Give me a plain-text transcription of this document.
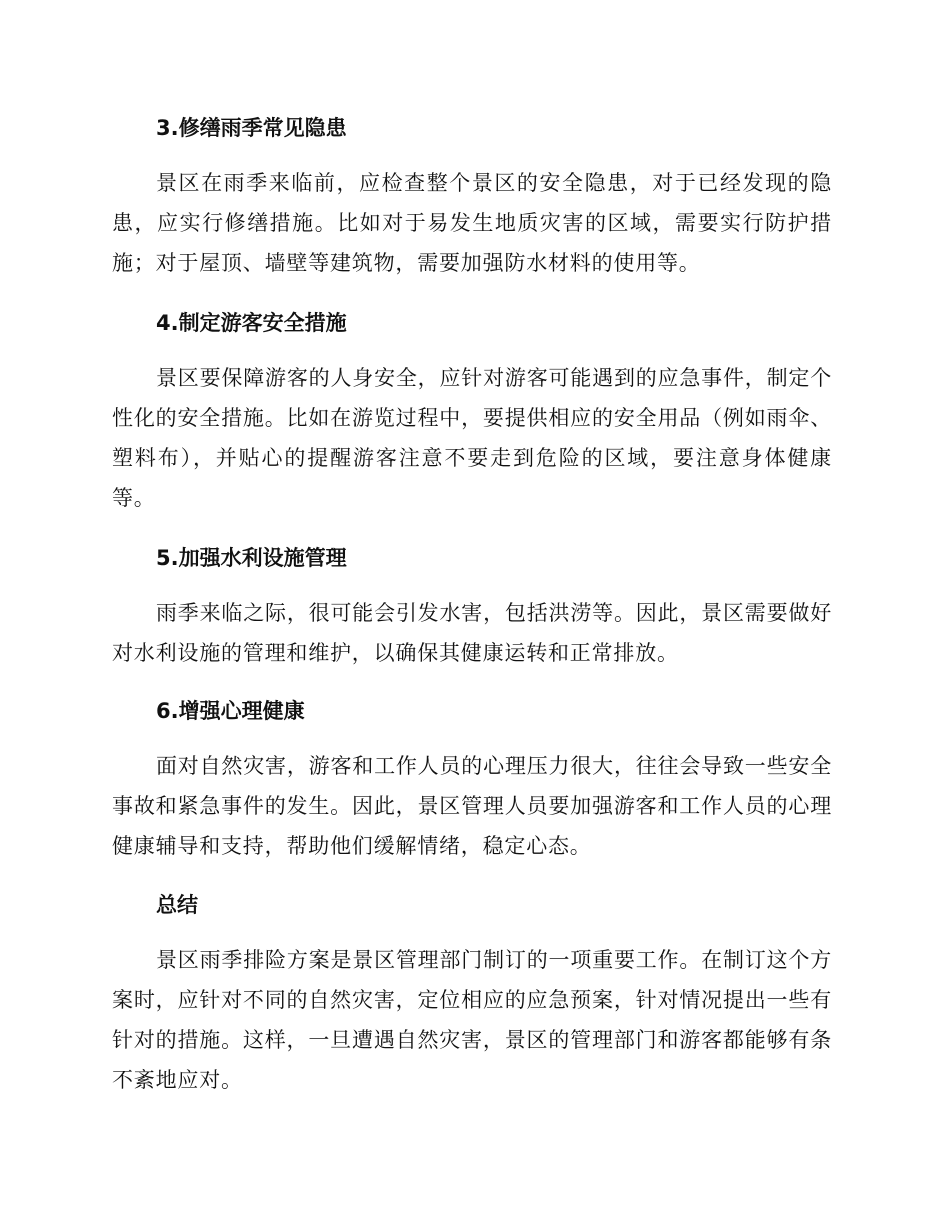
3.修缮雨季常见隐患

景区在雨季来临前，应检查整个景区的安全隐患，对于已经发现的隐患，应实行修缮措施。比如对于易发生地质灾害的区域，需要实行防护措施；对于屋顶、墙壁等建筑物，需要加强防水材料的使用等。

4.制定游客安全措施

景区要保障游客的人身安全，应针对游客可能遇到的应急事件，制定个性化的安全措施。比如在游览过程中，要提供相应的安全用品（例如雨伞、塑料布），并贴心的提醒游客注意不要走到危险的区域，要注意身体健康等。

5.加强水利设施管理

雨季来临之际，很可能会引发水害，包括洪涝等。因此，景区需要做好对水利设施的管理和维护，以确保其健康运转和正常排放。

6.增强心理健康

面对自然灾害，游客和工作人员的心理压力很大，往往会导致一些安全事故和紧急事件的发生。因此，景区管理人员要加强游客和工作人员的心理健康辅导和支持，帮助他们缓解情绪，稳定心态。

总结

景区雨季排险方案是景区管理部门制订的一项重要工作。在制订这个方案时，应针对不同的自然灾害，定位相应的应急预案，针对情况提出一些有针对的措施。这样，一旦遭遇自然灾害，景区的管理部门和游客都能够有条不紊地应对。
